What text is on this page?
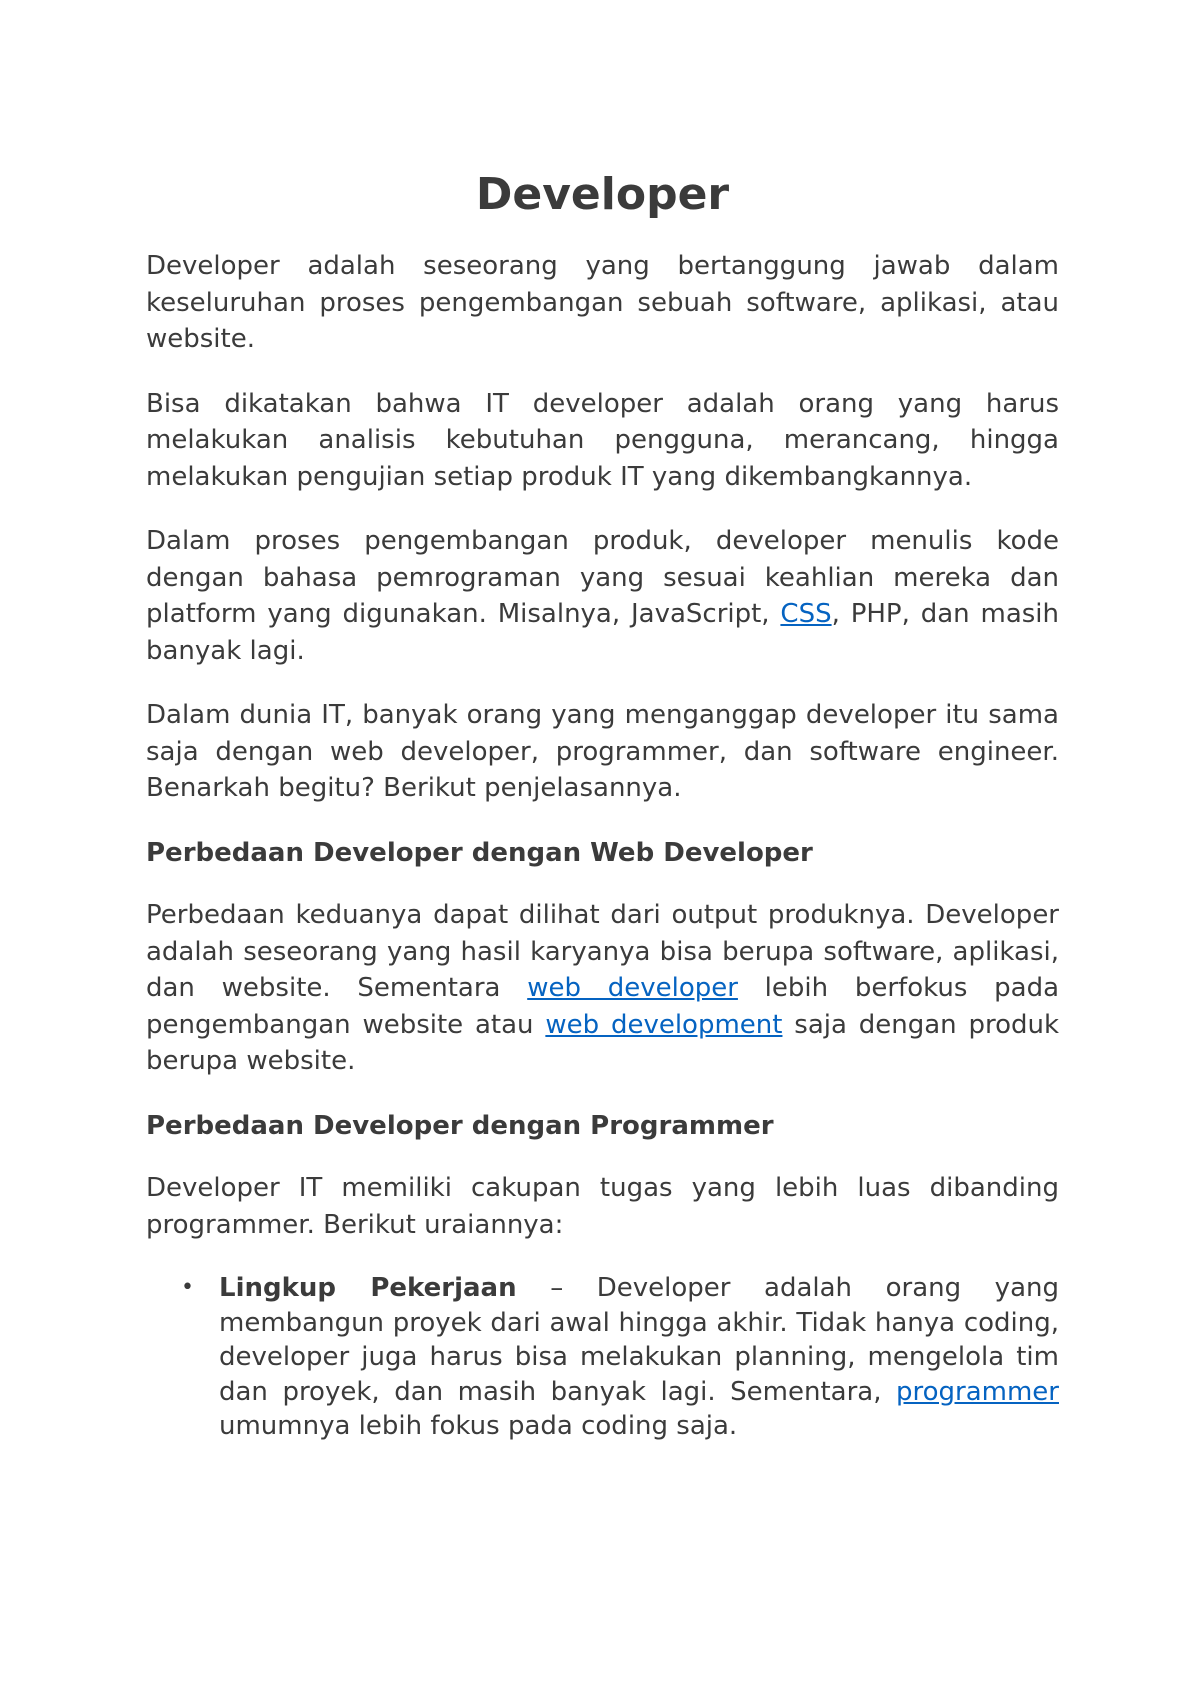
Developer

Developer adalah seseorang yang bertanggung jawab dalam keseluruhan proses pengembangan sebuah software, aplikasi, atau website.

Bisa dikatakan bahwa IT developer adalah orang yang harus melakukan analisis kebutuhan pengguna, merancang, hingga melakukan pengujian setiap produk IT yang dikembangkannya.

Dalam proses pengembangan produk, developer menulis kode dengan bahasa pemrograman yang sesuai keahlian mereka dan platform yang digunakan. Misalnya, JavaScript, CSS, PHP, dan masih banyak lagi.

Dalam dunia IT, banyak orang yang menganggap developer itu sama saja dengan web developer, programmer, dan software engineer. Benarkah begitu? Berikut penjelasannya.

Perbedaan Developer dengan Web Developer

Perbedaan keduanya dapat dilihat dari output produknya. Developer adalah seseorang yang hasil karyanya bisa berupa software, aplikasi, dan website. Sementara web developer lebih berfokus pada pengembangan website atau web development saja dengan produk berupa website.

Perbedaan Developer dengan Programmer

Developer IT memiliki cakupan tugas yang lebih luas dibanding programmer. Berikut uraiannya:

• Lingkup Pekerjaan – Developer adalah orang yang membangun proyek dari awal hingga akhir. Tidak hanya coding, developer juga harus bisa melakukan planning, mengelola tim dan proyek, dan masih banyak lagi. Sementara, programmer umumnya lebih fokus pada coding saja.
